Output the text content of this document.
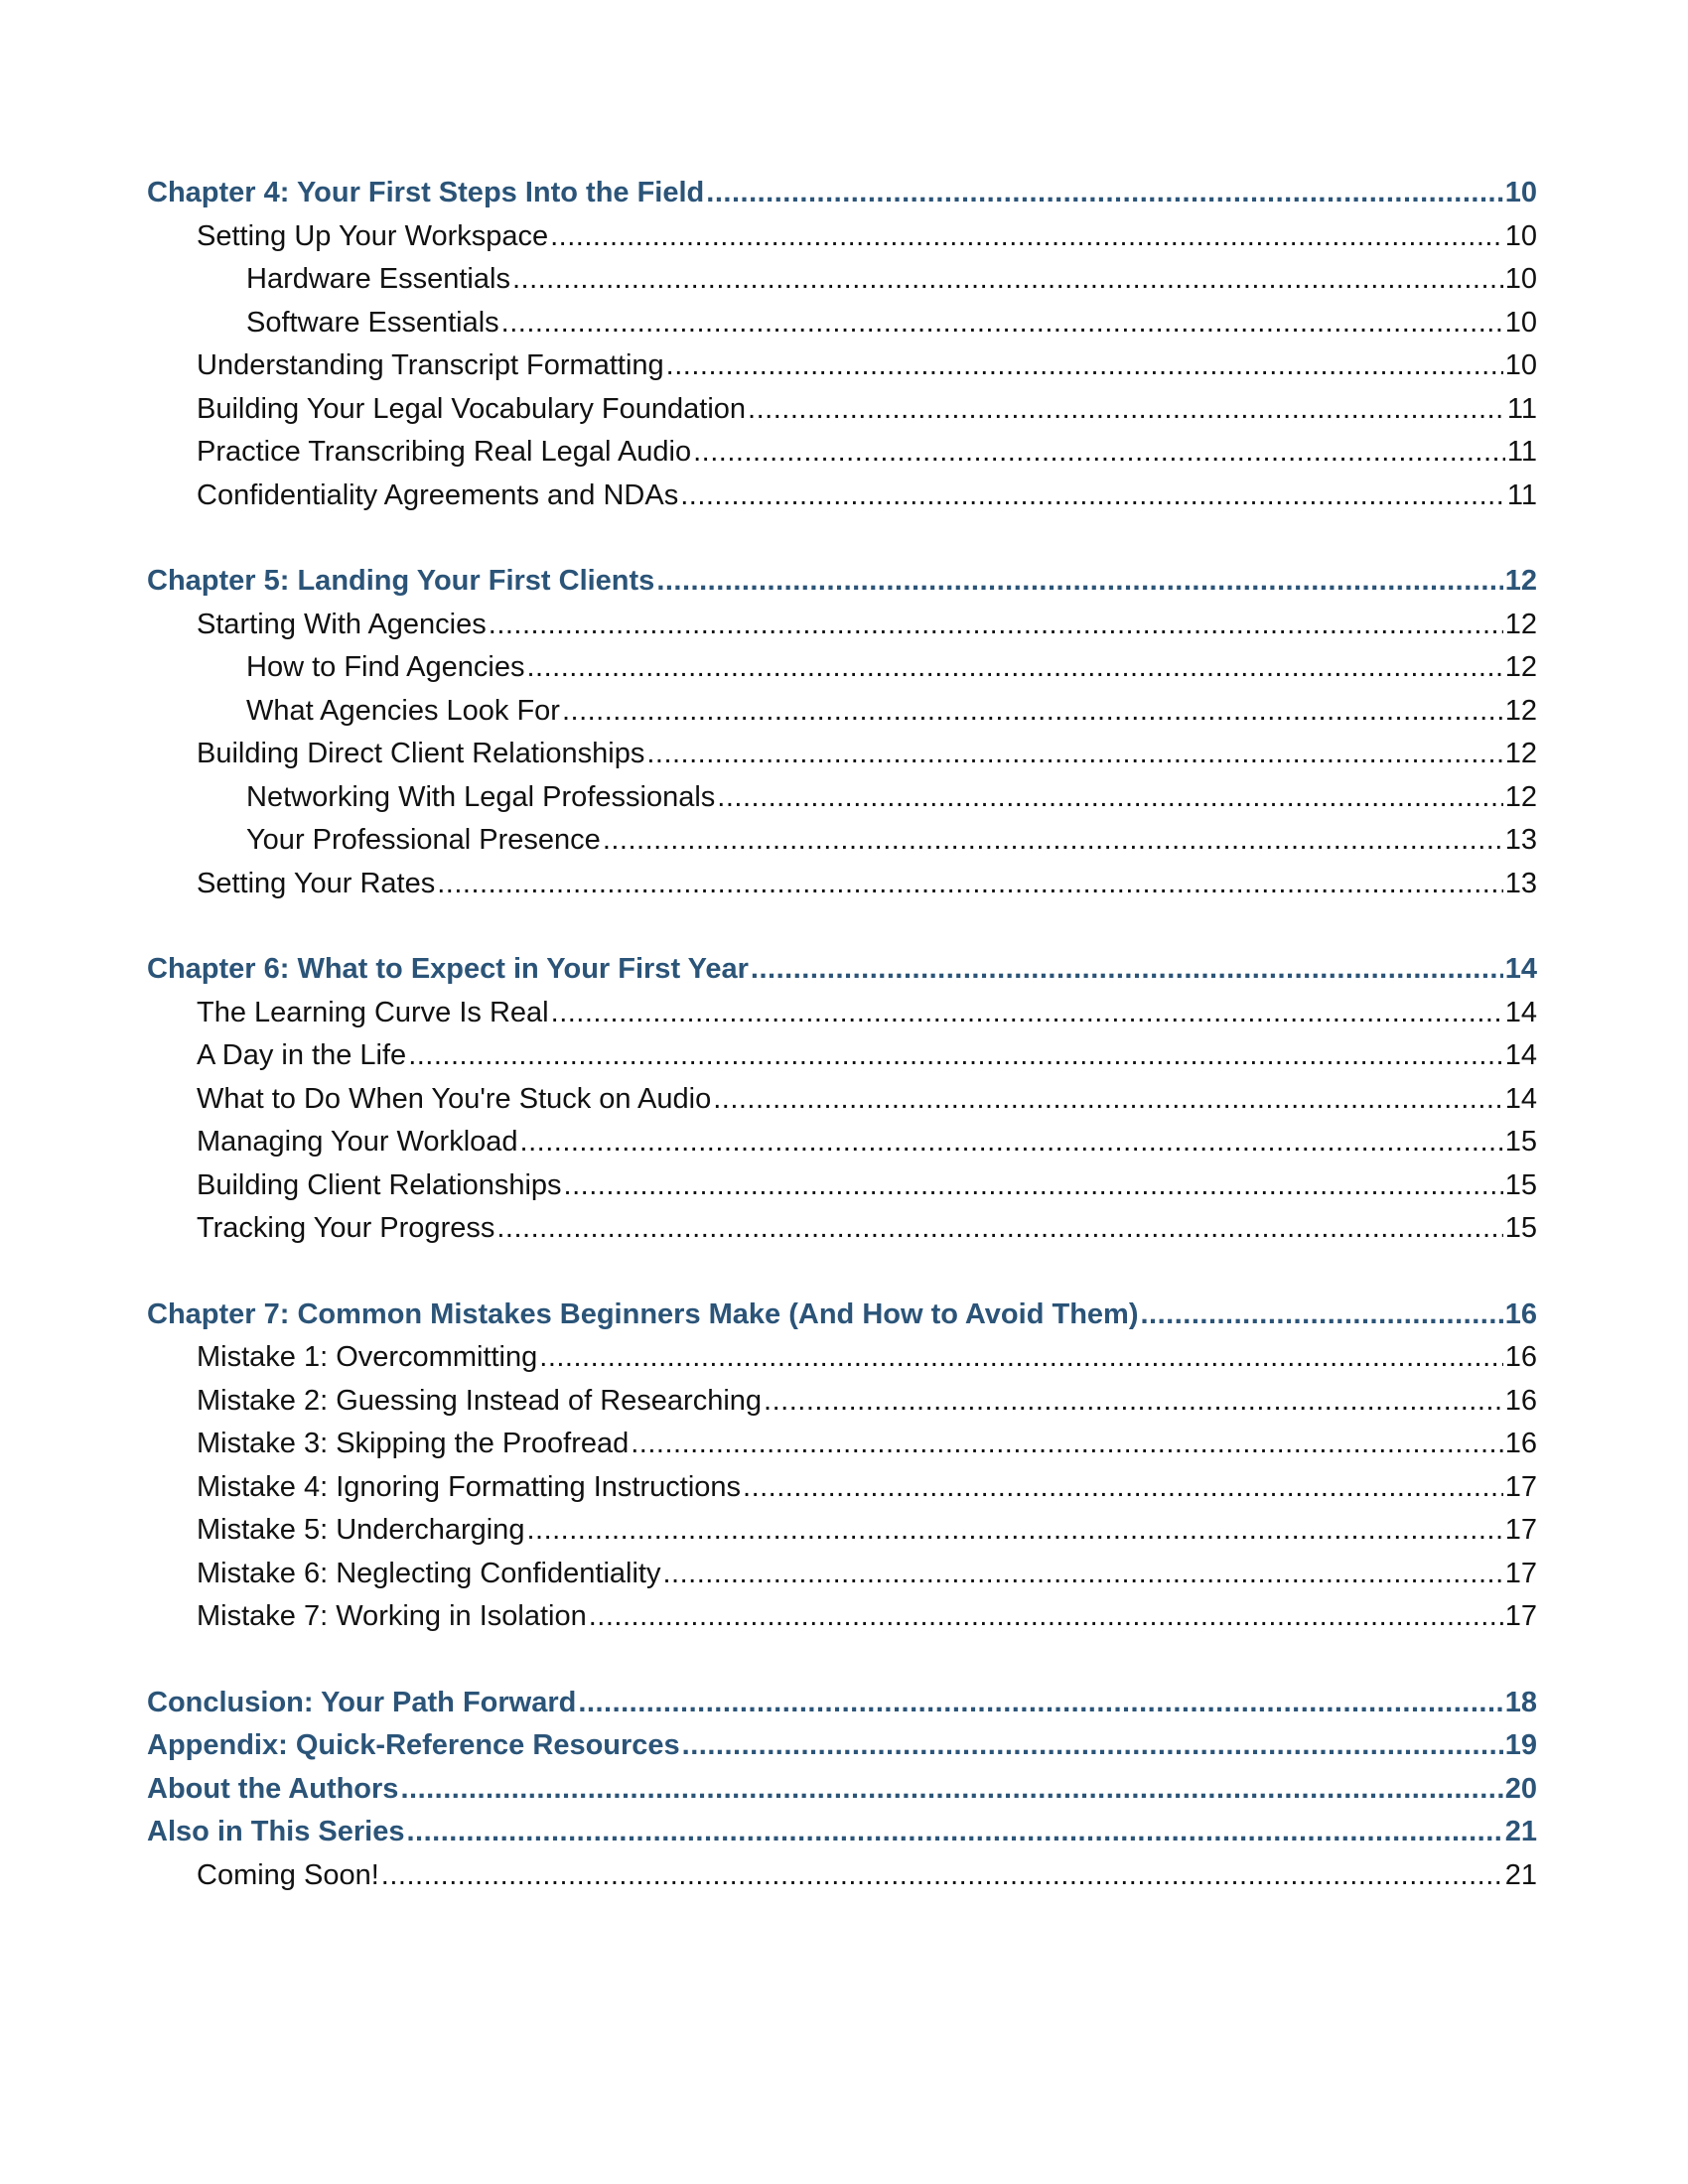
Chapter 4: Your First Steps Into the Field .....	10
Setting Up Your Workspace .....	10
Hardware Essentials .....	10
Software Essentials .....	10
Understanding Transcript Formatting .....	10
Building Your Legal Vocabulary Foundation .....	11
Practice Transcribing Real Legal Audio .....	11
Confidentiality Agreements and NDAs .....	11
Chapter 5: Landing Your First Clients .....	12
Starting With Agencies .....	12
How to Find Agencies .....	12
What Agencies Look For .....	12
Building Direct Client Relationships .....	12
Networking With Legal Professionals .....	12
Your Professional Presence .....	13
Setting Your Rates .....	13
Chapter 6: What to Expect in Your First Year .....	14
The Learning Curve Is Real .....	14
A Day in the Life .....	14
What to Do When You're Stuck on Audio .....	14
Managing Your Workload .....	15
Building Client Relationships .....	15
Tracking Your Progress .....	15
Chapter 7: Common Mistakes Beginners Make (And How to Avoid Them) .....	16
Mistake 1: Overcommitting .....	16
Mistake 2: Guessing Instead of Researching .....	16
Mistake 3: Skipping the Proofread .....	16
Mistake 4: Ignoring Formatting Instructions .....	17
Mistake 5: Undercharging .....	17
Mistake 6: Neglecting Confidentiality .....	17
Mistake 7: Working in Isolation .....	17
Conclusion: Your Path Forward .....	18
Appendix: Quick-Reference Resources .....	19
About the Authors .....	20
Also in This Series .....	21
Coming Soon! .....	21
